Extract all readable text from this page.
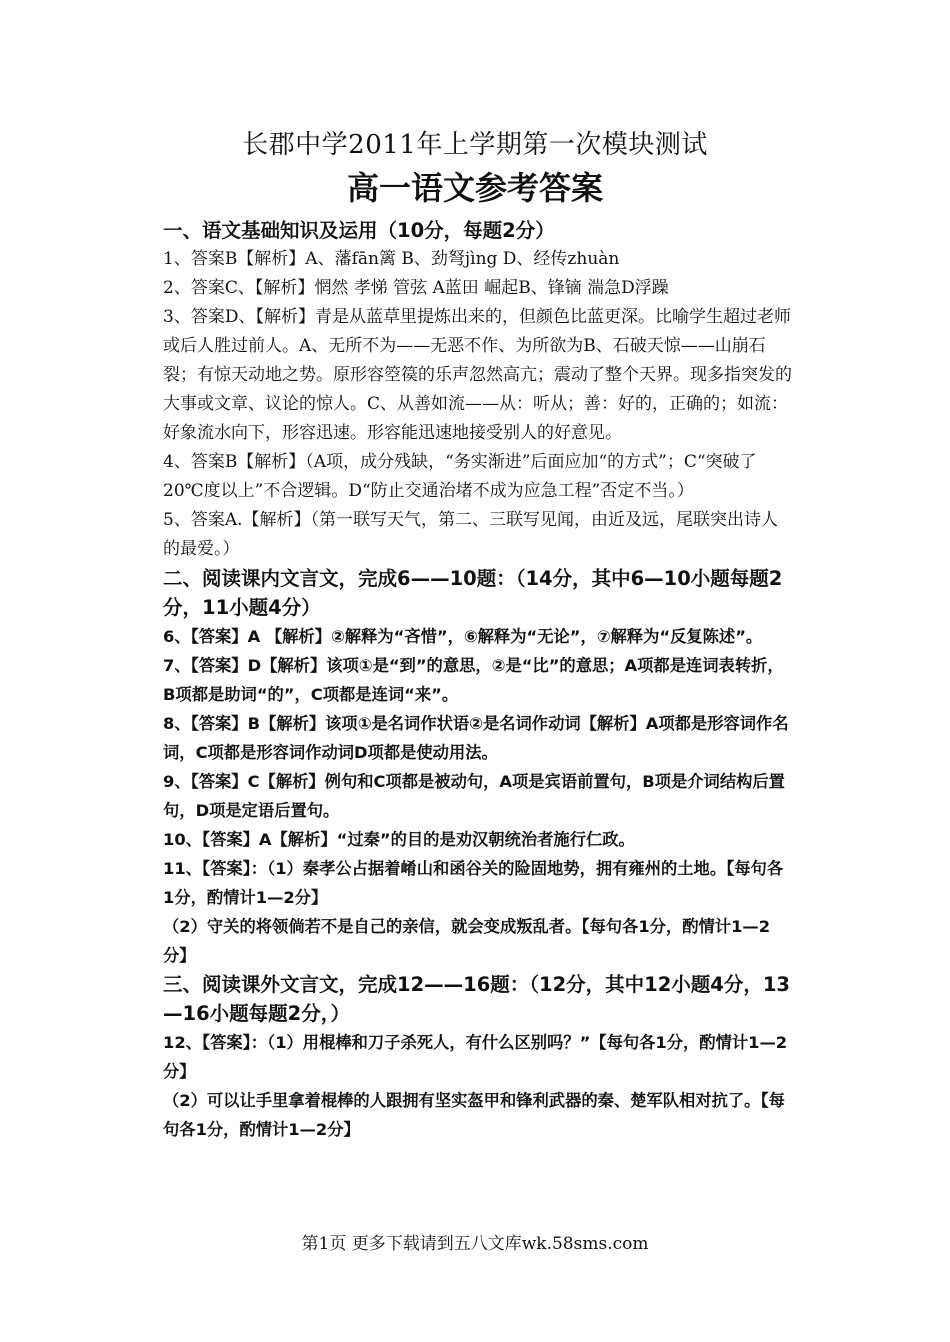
长郡中学2011年上学期第一次模块测试
高一语文参考答案
一、语文基础知识及运用（10分，每题2分）
1、答案B【解析】A、藩fān篱 B、劲弩jìng D、经传zhuàn
2、答案C、【解析】惘然 孝悌 管弦 A蓝田 崛起B、锋镝 湍急D浮躁
3、答案D、【解析】青是从蓝草里提炼出来的，但颜色比蓝更深。比喻学生超过老师或后人胜过前人。A、无所不为——无恶不作、为所欲为B、石破天惊——山崩石裂；有惊天动地之势。原形容箜篌的乐声忽然高亢；震动了整个天界。现多指突发的大事或文章、议论的惊人。C、从善如流——从：听从；善：好的，正确的；如流：好象流水向下，形容迅速。形容能迅速地接受别人的好意见。
4、答案B【解析】（A项，成分残缺，“务实渐进”后面应加“的方式”；C“突破了20℃度以上”不合逻辑。D“防止交通治堵不成为应急工程”否定不当。）
5、答案A.【解析】（第一联写天气，第二、三联写见闻，由近及远，尾联突出诗人的最爱。）
二、阅读课内文言文，完成6——10题：（14分，其中6—10小题每题2分，11小题4分）
6、【答案】A 【解析】②解释为“吝惜”，⑥解释为“无论”，⑦解释为“反复陈述”。
7、【答案】D【解析】该项①是“到”的意思，②是“比”的意思；A项都是连词表转折，B项都是助词“的”，C项都是连词“来”。
8、【答案】B【解析】该项①是名词作状语②是名词作动词【解析】A项都是形容词作名词，C项都是形容词作动词D项都是使动用法。
9、【答案】C【解析】例句和C项都是被动句，A项是宾语前置句，B项是介词结构后置句，D项是定语后置句。
10、【答案】A【解析】“过秦”的目的是劝汉朝统治者施行仁政。
11、【答案】：（1）秦孝公占据着崤山和函谷关的险固地势，拥有雍州的土地。【每句各1分，酌情计1—2分】
（2）守关的将领倘若不是自己的亲信，就会变成叛乱者。【每句各1分，酌情计1—2分】
三、阅读课外文言文，完成12——16题：（12分，其中12小题4分，13—16小题每题2分，）
12、【答案】：（1）用棍棒和刀子杀死人，有什么区别吗？”【每句各1分，酌情计1—2分】
（2）可以让手里拿着棍棒的人跟拥有坚实盔甲和锋利武器的秦、楚军队相对抗了。【每句各1分，酌情计1—2分】
第1页 更多下载请到五八文库wk.58sms.com
